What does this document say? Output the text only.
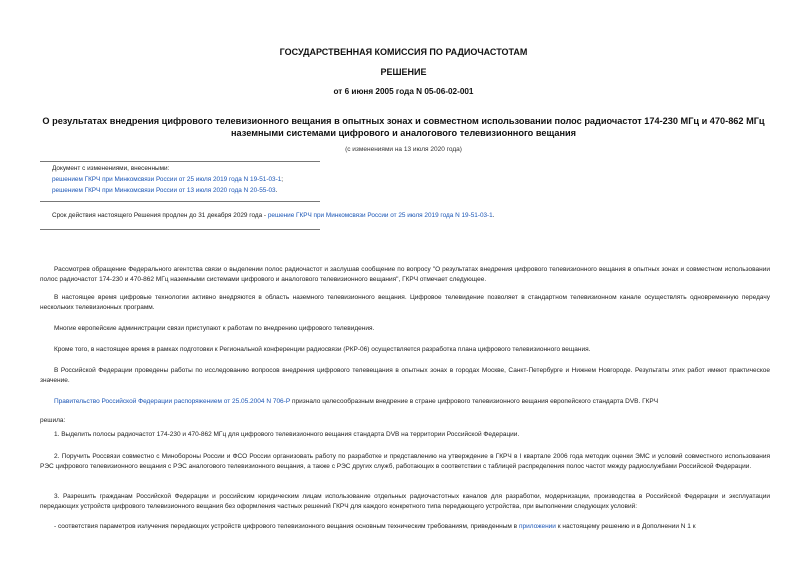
ГОСУДАРСТВЕННАЯ КОМИССИЯ ПО РАДИОЧАСТОТАМ
РЕШЕНИЕ
от 6 июня 2005 года N 05-06-02-001
О результатах внедрения цифрового телевизионного вещания в опытных зонах и совместном использовании полос радиочастот 174-230 МГц и 470-862 МГц
наземными системами цифрового и аналогового телевизионного вещания
(с изменениями на 13 июля 2020 года)
Документ с изменениями, внесенными:
решением ГКРЧ при Минкомсвязи России от 25 июля 2019 года N 19-51-03-1;
решением ГКРЧ при Минкомсвязи России от 13 июля 2020 года N 20-55-03.
Срок действия настоящего Решения продлен до 31 декабря 2029 года - решение ГКРЧ при Минкомсвязи России от 25 июля 2019 года N 19-51-03-1.
Рассмотрев обращение Федерального агентства связи о выделении полос радиочастот и заслушав сообщение по вопросу "О результатах внедрения цифрового телевизионного вещания в опытных зонах и совместном использовании полос радиочастот 174-230 и 470-862 МГц наземными системами цифрового и аналогового телевизионного вещания", ГКРЧ отмечает следующее.
В настоящее время цифровые технологии активно внедряются в область наземного телевизионного вещания. Цифровое телевидение позволяет в стандартном телевизионном канале осуществлять одновременную передачу нескольких телевизионных программ.
Многие европейские администрации связи приступают к работам по внедрению цифрового телевидения.
Кроме того, в настоящее время в рамках подготовки к Региональной конференции радиосвязи (РКР-06) осуществляется разработка плана цифрового телевизионного вещания.
В Российской Федерации проведены работы по исследованию вопросов внедрения цифрового телевещания в опытных зонах в городах Москве, Санкт-Петербурге и Нижнем Новгороде. Результаты этих работ имеют практическое значение.
Правительство Российской Федерации распоряжением от 25.05.2004 N 706-Р признало целесообразным внедрение в стране цифрового телевизионного вещания европейского стандарта DVB. ГКРЧ
решила:
1. Выделить полосы радиочастот 174-230 и 470-862 МГц для цифрового телевизионного вещания стандарта DVB на территории Российской Федерации.
2. Поручить Россвязи совместно с Минобороны России и ФСО России организовать работу по разработке и представлению на утверждение в ГКРЧ в I квартале 2006 года методик оценки ЭМС и условий совместного использования РЭС цифрового телевизионного вещания с РЭС аналогового телевизионного вещания, а также с РЭС других служб, работающих в соответствии с таблицей распределения полос частот между радиослужбами Российской Федерации.
3. Разрешить гражданам Российской Федерации и российским юридическим лицам использование отдельных радиочастотных каналов для разработки, модернизации, производства в Российской Федерации и эксплуатации передающих устройств цифрового телевизионного вещания без оформления частных решений ГКРЧ для каждого конкретного типа передающего устройства, при выполнении следующих условий:
- соответствия параметров излучения передающих устройств цифрового телевизионного вещания основным техническим требованиям, приведенным в приложении к настоящему решению и в Дополнении N 1 к
